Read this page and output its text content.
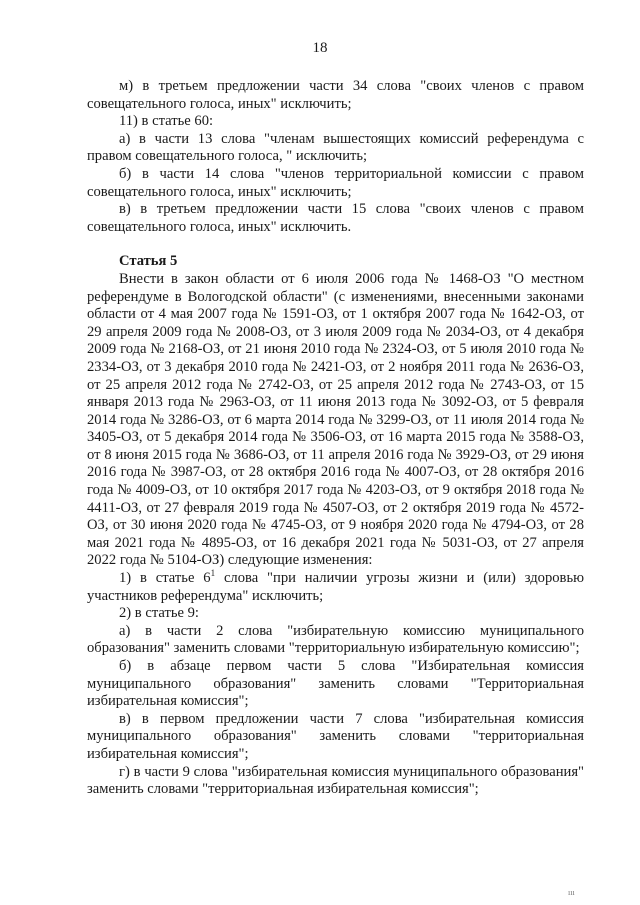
18

м) в третьем предложении части 34 слова "своих членов с правом совещательного голоса, иных" исключить;

11) в статье 60:

а) в части 13 слова "членам вышестоящих комиссий референдума с правом совещательного голоса, " исключить;

б) в части 14 слова "членов территориальной комиссии с правом совещательного голоса, иных" исключить;

в) в третьем предложении части 15 слова "своих членов с правом совещательного голоса, иных" исключить.

Статья 5

Внести в закон области от 6 июля 2006 года № 1468-ОЗ "О местном референдуме в Вологодской области" (с изменениями, внесенными законами области от 4 мая 2007 года № 1591-ОЗ, от 1 октября 2007 года № 1642-ОЗ, от 29 апреля 2009 года № 2008-ОЗ, от 3 июля 2009 года № 2034-ОЗ, от 4 декабря 2009 года № 2168-ОЗ, от 21 июня 2010 года № 2324-ОЗ, от 5 июля 2010 года № 2334-ОЗ, от 3 декабря 2010 года № 2421-ОЗ, от 2 ноября 2011 года № 2636-ОЗ, от 25 апреля 2012 года № 2742-ОЗ, от 25 апреля 2012 года № 2743-ОЗ, от 15 января 2013 года № 2963-ОЗ, от 11 июня 2013 года № 3092-ОЗ, от 5 февраля 2014 года № 3286-ОЗ, от 6 марта 2014 года № 3299-ОЗ, от 11 июля 2014 года № 3405-ОЗ, от 5 декабря 2014 года № 3506-ОЗ, от 16 марта 2015 года № 3588-ОЗ, от 8 июня 2015 года № 3686-ОЗ, от 11 апреля 2016 года № 3929-ОЗ, от 29 июня 2016 года № 3987-ОЗ, от 28 октября 2016 года № 4007-ОЗ, от 28 октября 2016 года № 4009-ОЗ, от 10 октября 2017 года № 4203-ОЗ, от 9 октября 2018 года № 4411-ОЗ, от 27 февраля 2019 года № 4507-ОЗ, от 2 октября 2019 года № 4572-ОЗ, от 30 июня 2020 года № 4745-ОЗ, от 9 ноября 2020 года № 4794-ОЗ, от 28 мая 2021 года № 4895-ОЗ, от 16 декабря 2021 года № 5031-ОЗ, от 27 апреля 2022 года № 5104-ОЗ) следующие изменения:

1) в статье $6^1$ слова "при наличии угрозы жизни и (или) здоровью участников референдума" исключить;

2) в статье 9:

а) в части 2 слова "избирательную комиссию муниципального образования" заменить словами "территориальную избирательную комиссию";

б) в абзаце первом части 5 слова "Избирательная комиссия муниципального образования" заменить словами "Территориальная избирательная комиссия";

в) в первом предложении части 7 слова "избирательная комиссия муниципального образования" заменить словами "территориальная избирательная комиссия";

г) в части 9 слова "избирательная комиссия муниципального образования" заменить словами "территориальная избирательная комиссия";

ııı
